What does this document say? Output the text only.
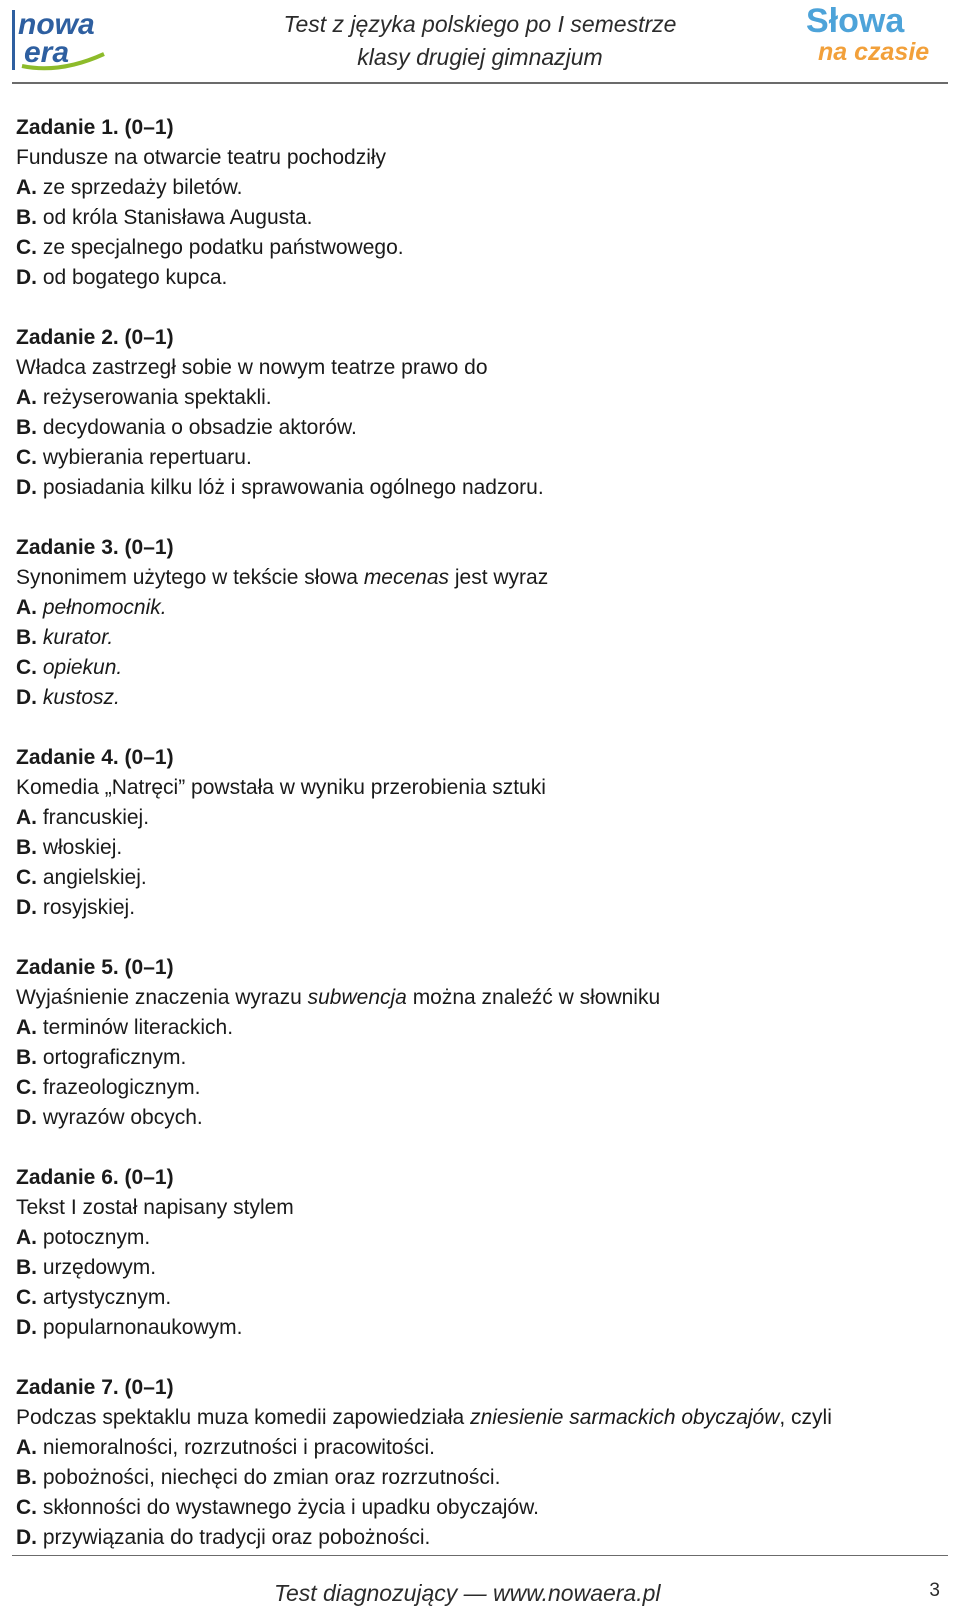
nowa
era
Test z języka polskiego po I semestrze
klasy drugiej gimnazjum
Słowa
na czasie
Zadanie 1. (0–1)
Fundusze na otwarcie teatru pochodziły
A. ze sprzedaży biletów.
B. od króla Stanisława Augusta.
C. ze specjalnego podatku państwowego.
D. od bogatego kupca.
Zadanie 2. (0–1)
Władca zastrzegł sobie w nowym teatrze prawo do
A. reżyserowania spektakli.
B. decydowania o obsadzie aktorów.
C. wybierania repertuaru.
D. posiadania kilku lóż i sprawowania ogólnego nadzoru.
Zadanie 3. (0–1)
Synonimem użytego w tekście słowa mecenas jest wyraz
A. pełnomocnik.
B. kurator.
C. opiekun.
D. kustosz.
Zadanie 4. (0–1)
Komedia „Natręci” powstała w wyniku przerobienia sztuki
A. francuskiej.
B. włoskiej.
C. angielskiej.
D. rosyjskiej.
Zadanie 5. (0–1)
Wyjaśnienie znaczenia wyrazu subwencja można znaleźć w słowniku
A. terminów literackich.
B. ortograficznym.
C. frazeologicznym.
D. wyrazów obcych.
Zadanie 6. (0–1)
Tekst I został napisany stylem
A. potocznym.
B. urzędowym.
C. artystycznym.
D. popularnonaukowym.
Zadanie 7. (0–1)
Podczas spektaklu muza komedii zapowiedziała zniesienie sarmackich obyczajów, czyli
A. niemoralności, rozrzutności i pracowitości.
B. pobożności, niechęci do zmian oraz rozrzutności.
C. skłonności do wystawnego życia i upadku obyczajów.
D. przywiązania do tradycji oraz pobożności.
Test diagnozujący — www.nowaera.pl	3
